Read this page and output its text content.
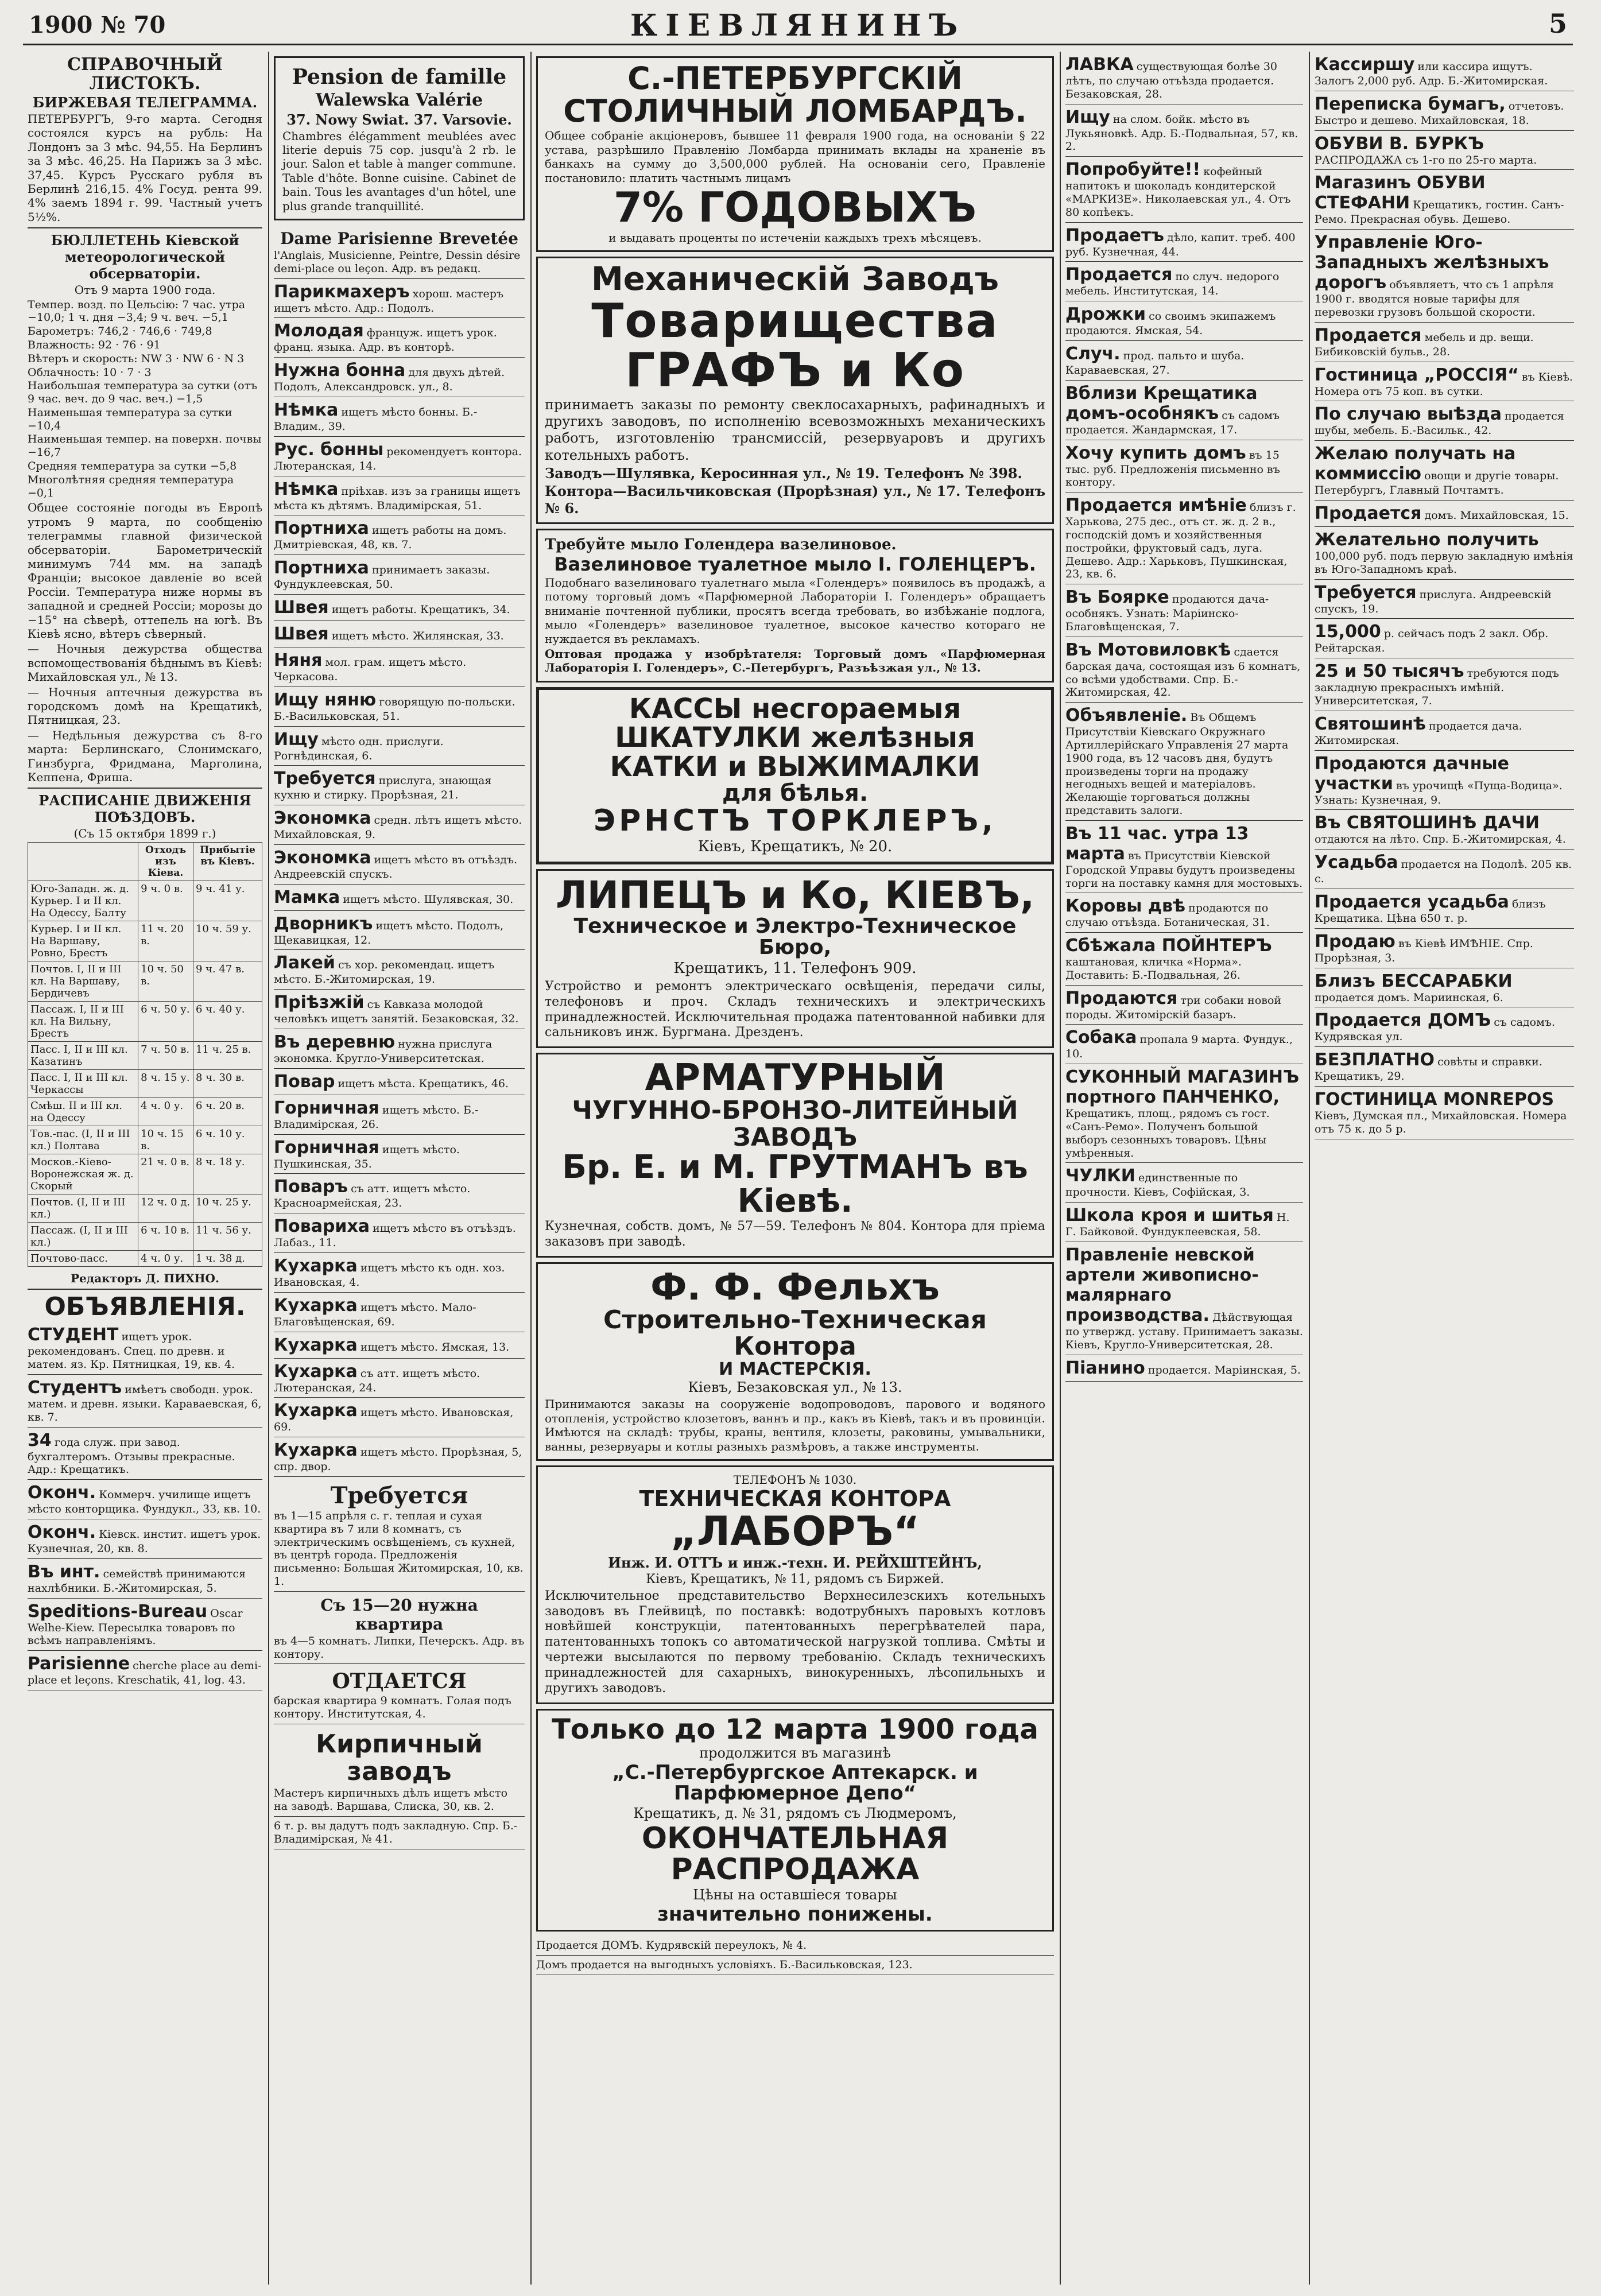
1900 № 70	КІЕВЛЯНИНЪ	5
СПРАВОЧНЫЙ ЛИСТОКЪ.
БИРЖЕВАЯ ТЕЛЕГРАММА.
ПЕТЕРБУРГЪ, 9-го марта. Сегодня состоялся курсъ на рубль: На Лондонъ за 3 мѣс. 94,55. На Берлинъ за 3 мѣс. 46,25. На Парижъ за 3 мѣс. 37,45. Курсъ Русскаго рубля въ Берлинѣ 216,15. 4% Госуд. рента 99. 4% заемъ 1894 г. 99. Частный учетъ 5½%.
БЮЛЛЕТЕНЬ Кіевской метеорологической обсерваторіи.
Отъ 9 марта 1900 года.
Темпер. возд. по Цельсію: 7 час. утра −10,0; 1 ч. дня −3,4; 9 ч. веч. −5,1
Барометръ: 746,2 · 746,6 · 749,8
Влажность: 92 · 76 · 91
Вѣтеръ и скорость: NW 3 · NW 6 · N 3
Облачность: 10 · 7 · 3
Наибольшая температура за сутки (отъ 9 час. веч. до 9 час. веч.) −1,5
Наименьшая температура за сутки −10,4
Наименьшая темпер. на поверхн. почвы −16,7
Средняя температура за сутки −5,8
Многолѣтняя средняя температура −0,1
Общее состояніе погоды въ Европѣ утромъ 9 марта, по сообщенію телеграммы главной физической обсерваторіи. Барометрическій минимумъ 744 мм. на западѣ Франціи; высокое давленіе во всей Россіи. Температура ниже нормы въ западной и средней Россіи; морозы до −15° на сѣверѣ, оттепель на югѣ. Въ Кіевѣ ясно, вѣтеръ сѣверный.
— Ночныя дежурства общества вспомоществованія бѣднымъ въ Кіевѣ: Михайловская ул., № 13.
— Ночныя аптечныя дежурства въ городскомъ домѣ на Крещатикѣ, Пятницкая, 23.
— Недѣльныя дежурства съ 8-го марта: Берлинскаго, Слонимскаго, Гинзбурга, Фридмана, Марголина, Кеппена, Фриша.
РАСПИСАНІЕ ДВИЖЕНІЯ ПОѢЗДОВЪ.
(Съ 15 октября 1899 г.)
	Отходъ изъ Кіева.	Прибытіе въ Кіевъ.
Юго-Западн. ж. д. Курьер. I и II кл. На Одессу, Балту	9 ч. 0 в.	9 ч. 41 у.
Курьер. I и II кл. На Варшаву, Ровно, Брестъ	11 ч. 20 в.	10 ч. 59 у.
Почтов. I, II и III кл. На Варшаву, Бердичевъ	10 ч. 50 в.	9 ч. 47 в.
Пассаж. I, II и III кл. На Вильну, Брестъ	6 ч. 50 у.	6 ч. 40 у.
Пасс. I, II и III кл. Казатинъ	7 ч. 50 в.	11 ч. 25 в.
Пасс. I, II и III кл. Черкассы	8 ч. 15 у.	8 ч. 30 в.
Смѣш. II и III кл. на Одессу	4 ч. 0 у.	6 ч. 20 в.
Тов.-пас. (I, II и III кл.) Полтава	10 ч. 15 в.	6 ч. 10 у.
Москов.-Кіево-Воронежская ж. д. Скорый	21 ч. 0 в.	8 ч. 18 у.
Почтов. (I, II и III кл.)	12 ч. 0 д.	10 ч. 25 у.
Пассаж. (I, II и III кл.)	6 ч. 10 в.	11 ч. 56 у.
Почтово-пасс.	4 ч. 0 у.	1 ч. 38 д.
Редакторъ Д. ПИХНО.
ОБЪЯВЛЕНІЯ.
СТУДЕНТ ищетъ урок. рекомендованъ. Спец. по древн. и матем. яз. Кр. Пятницкая, 19, кв. 4.
Студентъ имѣетъ свободн. урок. матем. и древн. языки. Караваевская, 6, кв. 7.
34 года служ. при завод. бухгалтеромъ. Отзывы прекрасные. Адр.: Крещатикъ.
Оконч. Коммерч. училище ищетъ мѣсто конторщика. Фундукл., 33, кв. 10.
Оконч. Кіевск. инстит. ищетъ урок. Кузнечная, 20, кв. 8.
Въ инт. семействѣ принимаются нахлѣбники. Б.-Житомирская, 5.
Speditions-Bureau Oscar Welhe-Kiew. Пересылка товаровъ по всѣмъ направленіямъ.
Parisienne cherche place au demi-place et leçons. Kreschatik, 41, log. 43.
Pension de famille
Walewska Valérie
37. Nowy Swiat. 37. Varsovie.
Chambres élégamment meublées avec literie depuis 75 cop. jusqu'à 2 rb. le jour. Salon et table à manger commune. Table d'hôte. Bonne cuisine. Cabinet de bain. Tous les avantages d'un hôtel, une plus grande tranquillité.
Dame Parisienne Brevetée
l'Anglais, Musicienne, Peintre, Dessin désire demi-place ou leçon. Адр. въ редакц.
Парикмахеръ хорош. мастеръ ищетъ мѣсто. Адр.: Подолъ.
Молодая француж. ищетъ урок. франц. языка. Адр. въ конторѣ.
Нужна бонна для двухъ дѣтей. Подолъ, Александровск. ул., 8.
Нѣмка ищетъ мѣсто бонны. Б.-Владим., 39.
Рус. бонны рекомендуетъ контора. Лютеранская, 14.
Нѣмка пріѣхав. изъ за границы ищетъ мѣста къ дѣтямъ. Владимірская, 51.
Портниха ищетъ работы на домъ. Дмитріевская, 48, кв. 7.
Портниха принимаетъ заказы. Фундуклеевская, 50.
Швея ищетъ работы. Крещатикъ, 34.
Швея ищетъ мѣсто. Жилянская, 33.
Няня мол. грам. ищетъ мѣсто. Черкасова.
Ищу няню говорящую по-польски. Б.-Васильковская, 51.
Ищу мѣсто одн. прислуги. Рогнѣдинская, 6.
Требуется прислуга, знающая кухню и стирку. Прорѣзная, 21.
Экономка средн. лѣтъ ищетъ мѣсто. Михайловская, 9.
Экономка ищетъ мѣсто въ отъѣздъ. Андреевскій спускъ.
Мамка ищетъ мѣсто. Шулявская, 30.
Дворникъ ищетъ мѣсто. Подолъ, Щекавицкая, 12.
Лакей съ хор. рекомендац. ищетъ мѣсто. Б.-Житомирская, 19.
Пріѣзжій съ Кавказа молодой человѣкъ ищетъ занятій. Безаковская, 32.
Въ деревню нужна прислуга экономка. Кругло-Университетская.
Повар ищетъ мѣста. Крещатикъ, 46.
Горничная ищетъ мѣсто. Б.-Владимірская, 26.
Горничная ищетъ мѣсто. Пушкинская, 35.
Поваръ съ атт. ищетъ мѣсто. Красноармейская, 23.
Повариха ищетъ мѣсто въ отъѣздъ. Лабаз., 11.
Кухарка ищетъ мѣсто къ одн. хоз. Ивановская, 4.
Кухарка ищетъ мѣсто. Мало-Благовѣщенская, 69.
Кухарка ищетъ мѣсто. Ямская, 13.
Кухарка съ атт. ищетъ мѣсто. Лютеранская, 24.
Кухарка ищетъ мѣсто. Ивановская, 69.
Кухарка ищетъ мѣсто. Прорѣзная, 5, спр. двор.
Требуется
въ 1—15 апрѣля с. г. теплая и сухая квартира въ 7 или 8 комнатъ, съ электрическимъ освѣщеніемъ, съ кухней, въ центрѣ города. Предложенія письменно: Большая Житомирская, 10, кв. 1.
Съ 15—20 нужна квартира
въ 4—5 комнатъ. Липки, Печерскъ. Адр. въ контору.
ОТДАЕТСЯ
барская квартира 9 комнатъ. Голая подъ контору. Институтская, 4.
Кирпичный заводъ
Мастеръ кирпичныхъ дѣлъ ищетъ мѣсто на заводѣ. Варшава, Слиска, 30, кв. 2.
6 т. р. вы дадутъ подъ закладную. Спр. Б.-Владимірская, № 41.
С.-ПЕТЕРБУРГСКІЙ СТОЛИЧНЫЙ ЛОМБАРДЪ.
Общее собраніе акціонеровъ, бывшее 11 февраля 1900 года, на основаніи § 22 устава, разрѣшило Правленію Ломбарда принимать вклады на храненіе въ банкахъ на сумму до 3,500,000 рублей. На основаніи сего, Правленіе постановило: платить частнымъ лицамъ
7% ГОДОВЫХЪ
и выдавать проценты по истеченіи каждыхъ трехъ мѣсяцевъ.
Механическій Заводъ
Товарищества ГРАФЪ и Ко
принимаетъ заказы по ремонту свеклосахарныхъ, рафинадныхъ и другихъ заводовъ, по исполненію всевозможныхъ механическихъ работъ, изготовленію трансмиссій, резервуаровъ и другихъ котельныхъ работъ.
Заводъ—Шулявка, Керосинная ул., № 19. Телефонъ № 398.
Контора—Васильчиковская (Прорѣзная) ул., № 17. Телефонъ № 6.
Требуйте мыло Голендера вазелиновое.
Вазелиновое туалетное мыло І. ГОЛЕНЦЕРЪ.
Подобнаго вазелиноваго туалетнаго мыла «Голендеръ» появилось въ продажѣ, а потому торговый домъ «Парфюмерной Лабораторіи І. Голендеръ» обращаетъ вниманіе почтенной публики, просятъ всегда требовать, во избѣжаніе подлога, мыло «Голендеръ» вазелиновое туалетное, высокое качество котораго не нуждается въ рекламахъ.
Оптовая продажа у изобрѣтателя: Торговый домъ «Парфюмерная Лабораторія І. Голендеръ», С.-Петербургъ, Разъѣзжая ул., № 13.
КАССЫ несгораемыя
ШКАТУЛКИ желѣзныя
КАТКИ и ВЫЖИМАЛКИ
для бѣлья.
ЭРНСТЪ ТОРКЛЕРЪ,
Кіевъ, Крещатикъ, № 20.
ЛИПЕЦЪ и Ко, КІЕВЪ,
Техническое и Электро-Техническое Бюро,
Крещатикъ, 11. Телефонъ 909.
Устройство и ремонтъ электрическаго освѣщенія, передачи силы, телефоновъ и проч. Складъ техническихъ и электрическихъ принадлежностей. Исключительная продажа патентованной набивки для сальниковъ инж. Бургмана. Дрезденъ.
АРМАТУРНЫЙ
ЧУГУННО-БРОНЗО-ЛИТЕЙНЫЙ ЗАВОДЪ
Бр. Е. и М. ГРУТМАНЪ въ Кіевѣ.
Кузнечная, собств. домъ, № 57—59. Телефонъ № 804. Контора для пріема заказовъ при заводѣ.
Ф. Ф. Фельхъ
Строительно-Техническая Контора
И МАСТЕРСКІЯ.
Кіевъ, Безаковская ул., № 13.
Принимаются заказы на сооруженіе водопроводовъ, парового и водяного отопленія, устройство клозетовъ, ваннъ и пр., какъ въ Кіевѣ, такъ и въ провинціи. Имѣются на складѣ: трубы, краны, вентиля, клозеты, раковины, умывальники, ванны, резервуары и котлы разныхъ размѣровъ, а также инструменты.
ТЕЛЕФОНЪ № 1030.
ТЕХНИЧЕСКАЯ КОНТОРА
„ЛАБОРЪ“
Инж. И. ОТТЪ и инж.-техн. И. РЕЙХШТЕЙНЪ,
Кіевъ, Крещатикъ, № 11, рядомъ съ Биржей.
Исключительное представительство Верхнесилезскихъ котельныхъ заводовъ въ Глейвицѣ, по поставкѣ: водотрубныхъ паровыхъ котловъ новѣйшей конструкціи, патентованныхъ перегрѣвателей пара, патентованныхъ топокъ со автоматической нагрузкой топлива. Смѣты и чертежи высылаются по первому требованію. Складъ техническихъ принадлежностей для сахарныхъ, винокуренныхъ, лѣсопильныхъ и другихъ заводовъ.
Только до 12 марта 1900 года
продолжится въ магазинѣ
„С.-Петербургское Аптекарск. и Парфюмерное Депо“
Крещатикъ, д. № 31, рядомъ съ Людмеромъ,
ОКОНЧАТЕЛЬНАЯ РАСПРОДАЖА
Цѣны на оставшіеся товары
значительно понижены.
Продается ДОМЪ. Кудрявскій переулокъ, № 4.
Домъ продается на выгодныхъ условіяхъ. Б.-Васильковская, 123.
ЛАВКА существующая болѣе 30 лѣтъ, по случаю отъѣзда продается. Безаковская, 28.
Ищу на слом. бойк. мѣсто въ Лукьяновкѣ. Адр. Б.-Подвальная, 57, кв. 2.
Попробуйте!! кофейный напитокъ и шоколадъ кондитерской «МАРКИЗЕ». Николаевская ул., 4. Отъ 80 копѣекъ.
Продаетъ дѣло, капит. треб. 400 руб. Кузнечная, 44.
Продается по случ. недорого мебель. Институтская, 14.
Дрожки со своимъ экипажемъ продаются. Ямская, 54.
Случ. прод. пальто и шуба. Караваевская, 27.
Вблизи Крещатика домъ-особнякъ съ садомъ продается. Жандармская, 17.
Хочу купить домъ въ 15 тыс. руб. Предложенія письменно въ контору.
Продается имѣніе близъ г. Харькова, 275 дес., отъ ст. ж. д. 2 в., господскій домъ и хозяйственныя постройки, фруктовый садъ, луга. Дешево. Адр.: Харьковъ, Пушкинская, 23, кв. 6.
Въ Боярке продаются дача-особнякъ. Узнать: Маріинско-Благовѣщенская, 7.
Въ Мотовиловкѣ сдается барская дача, состоящая изъ 6 комнатъ, со всѣми удобствами. Спр. Б.-Житомирская, 42.
Объявленіе. Въ Общемъ Присутствіи Кіевскаго Окружнаго Артиллерійскаго Управленія 27 марта 1900 года, въ 12 часовъ дня, будутъ произведены торги на продажу негодныхъ вещей и матеріаловъ. Желающіе торговаться должны представить залоги.
Въ 11 час. утра 13 марта въ Присутствіи Кіевской Городской Управы будутъ произведены торги на поставку камня для мостовыхъ.
Коровы двѣ продаются по случаю отъѣзда. Ботаническая, 31.
Сбѣжала ПОЙНТЕРЪ каштановая, кличка «Норма». Доставить: Б.-Подвальная, 26.
Продаются три собаки новой породы. Житомірскій базаръ.
Собака пропала 9 марта. Фундук., 10.
СУКОННЫЙ МАГАЗИНЪ портного ПАНЧЕНКО, Крещатикъ, площ., рядомъ съ гост. «Санъ-Ремо». Полученъ большой выборъ сезонныхъ товаровъ. Цѣны умѣренныя.
ЧУЛКИ единственные по прочности. Кіевъ, Софійская, 3.
Школа кроя и шитья Н. Г. Байковой. Фундуклеевская, 58.
Правленіе невской артели живописно-малярнаго производства. Дѣйствующая по утвержд. уставу. Принимаетъ заказы. Кіевъ, Кругло-Университетская, 28.
Піанино продается. Маріинская, 5.
Кассиршу или кассира ищутъ. Залогъ 2,000 руб. Адр. Б.-Житомирская.
Переписка бумагъ, отчетовъ. Быстро и дешево. Михайловская, 18.
ОБУВИ В. БУРКЪ РАСПРОДАЖА съ 1-го по 25-го марта.
Магазинъ ОБУВИ СТЕФАНИ Крещатикъ, гостин. Санъ-Ремо. Прекрасная обувь. Дешево.
Управленіе Юго-Западныхъ желѣзныхъ дорогъ объявляетъ, что съ 1 апрѣля 1900 г. вводятся новые тарифы для перевозки грузовъ большой скорости.
Продается мебель и др. вещи. Бибиковскій бульв., 28.
Гостиница „РОССІЯ“ въ Кіевѣ. Номера отъ 75 коп. въ сутки.
По случаю выѣзда продается шубы, мебель. Б.-Васильк., 42.
Желаю получать на коммиссію овощи и другіе товары. Петербургъ, Главный Почтамтъ.
Продается домъ. Михайловская, 15.
Желательно получить 100,000 руб. подъ первую закладную имѣнія въ Юго-Западномъ краѣ.
Требуется прислуга. Андреевскій спускъ, 19.
15,000 р. сейчасъ подъ 2 закл. Обр. Рейтарская.
25 и 50 тысячъ требуются подъ закладную прекрасныхъ имѣній. Университетская, 7.
Святошинѣ продается дача. Житомирская.
Продаются дачные участки въ урочищѣ «Пуща-Водица». Узнать: Кузнечная, 9.
Въ СВЯТОШИНѢ ДАЧИ отдаются на лѣто. Спр. Б.-Житомирская, 4.
Усадьба продается на Подолѣ. 205 кв. с.
Продается усадьба близъ Крещатика. Цѣна 650 т. р.
Продаю въ Кіевѣ ИМѢНІЕ. Спр. Прорѣзная, 3.
Близъ БЕССАРАБКИ продается домъ. Мариинская, 6.
Продается ДОМЪ съ садомъ. Кудрявская ул.
БЕЗПЛАТНО совѣты и справки. Крещатикъ, 29.
ГОСТИНИЦА MONREPOS Кіевъ, Думская пл., Михайловская. Номера отъ 75 к. до 5 р.
